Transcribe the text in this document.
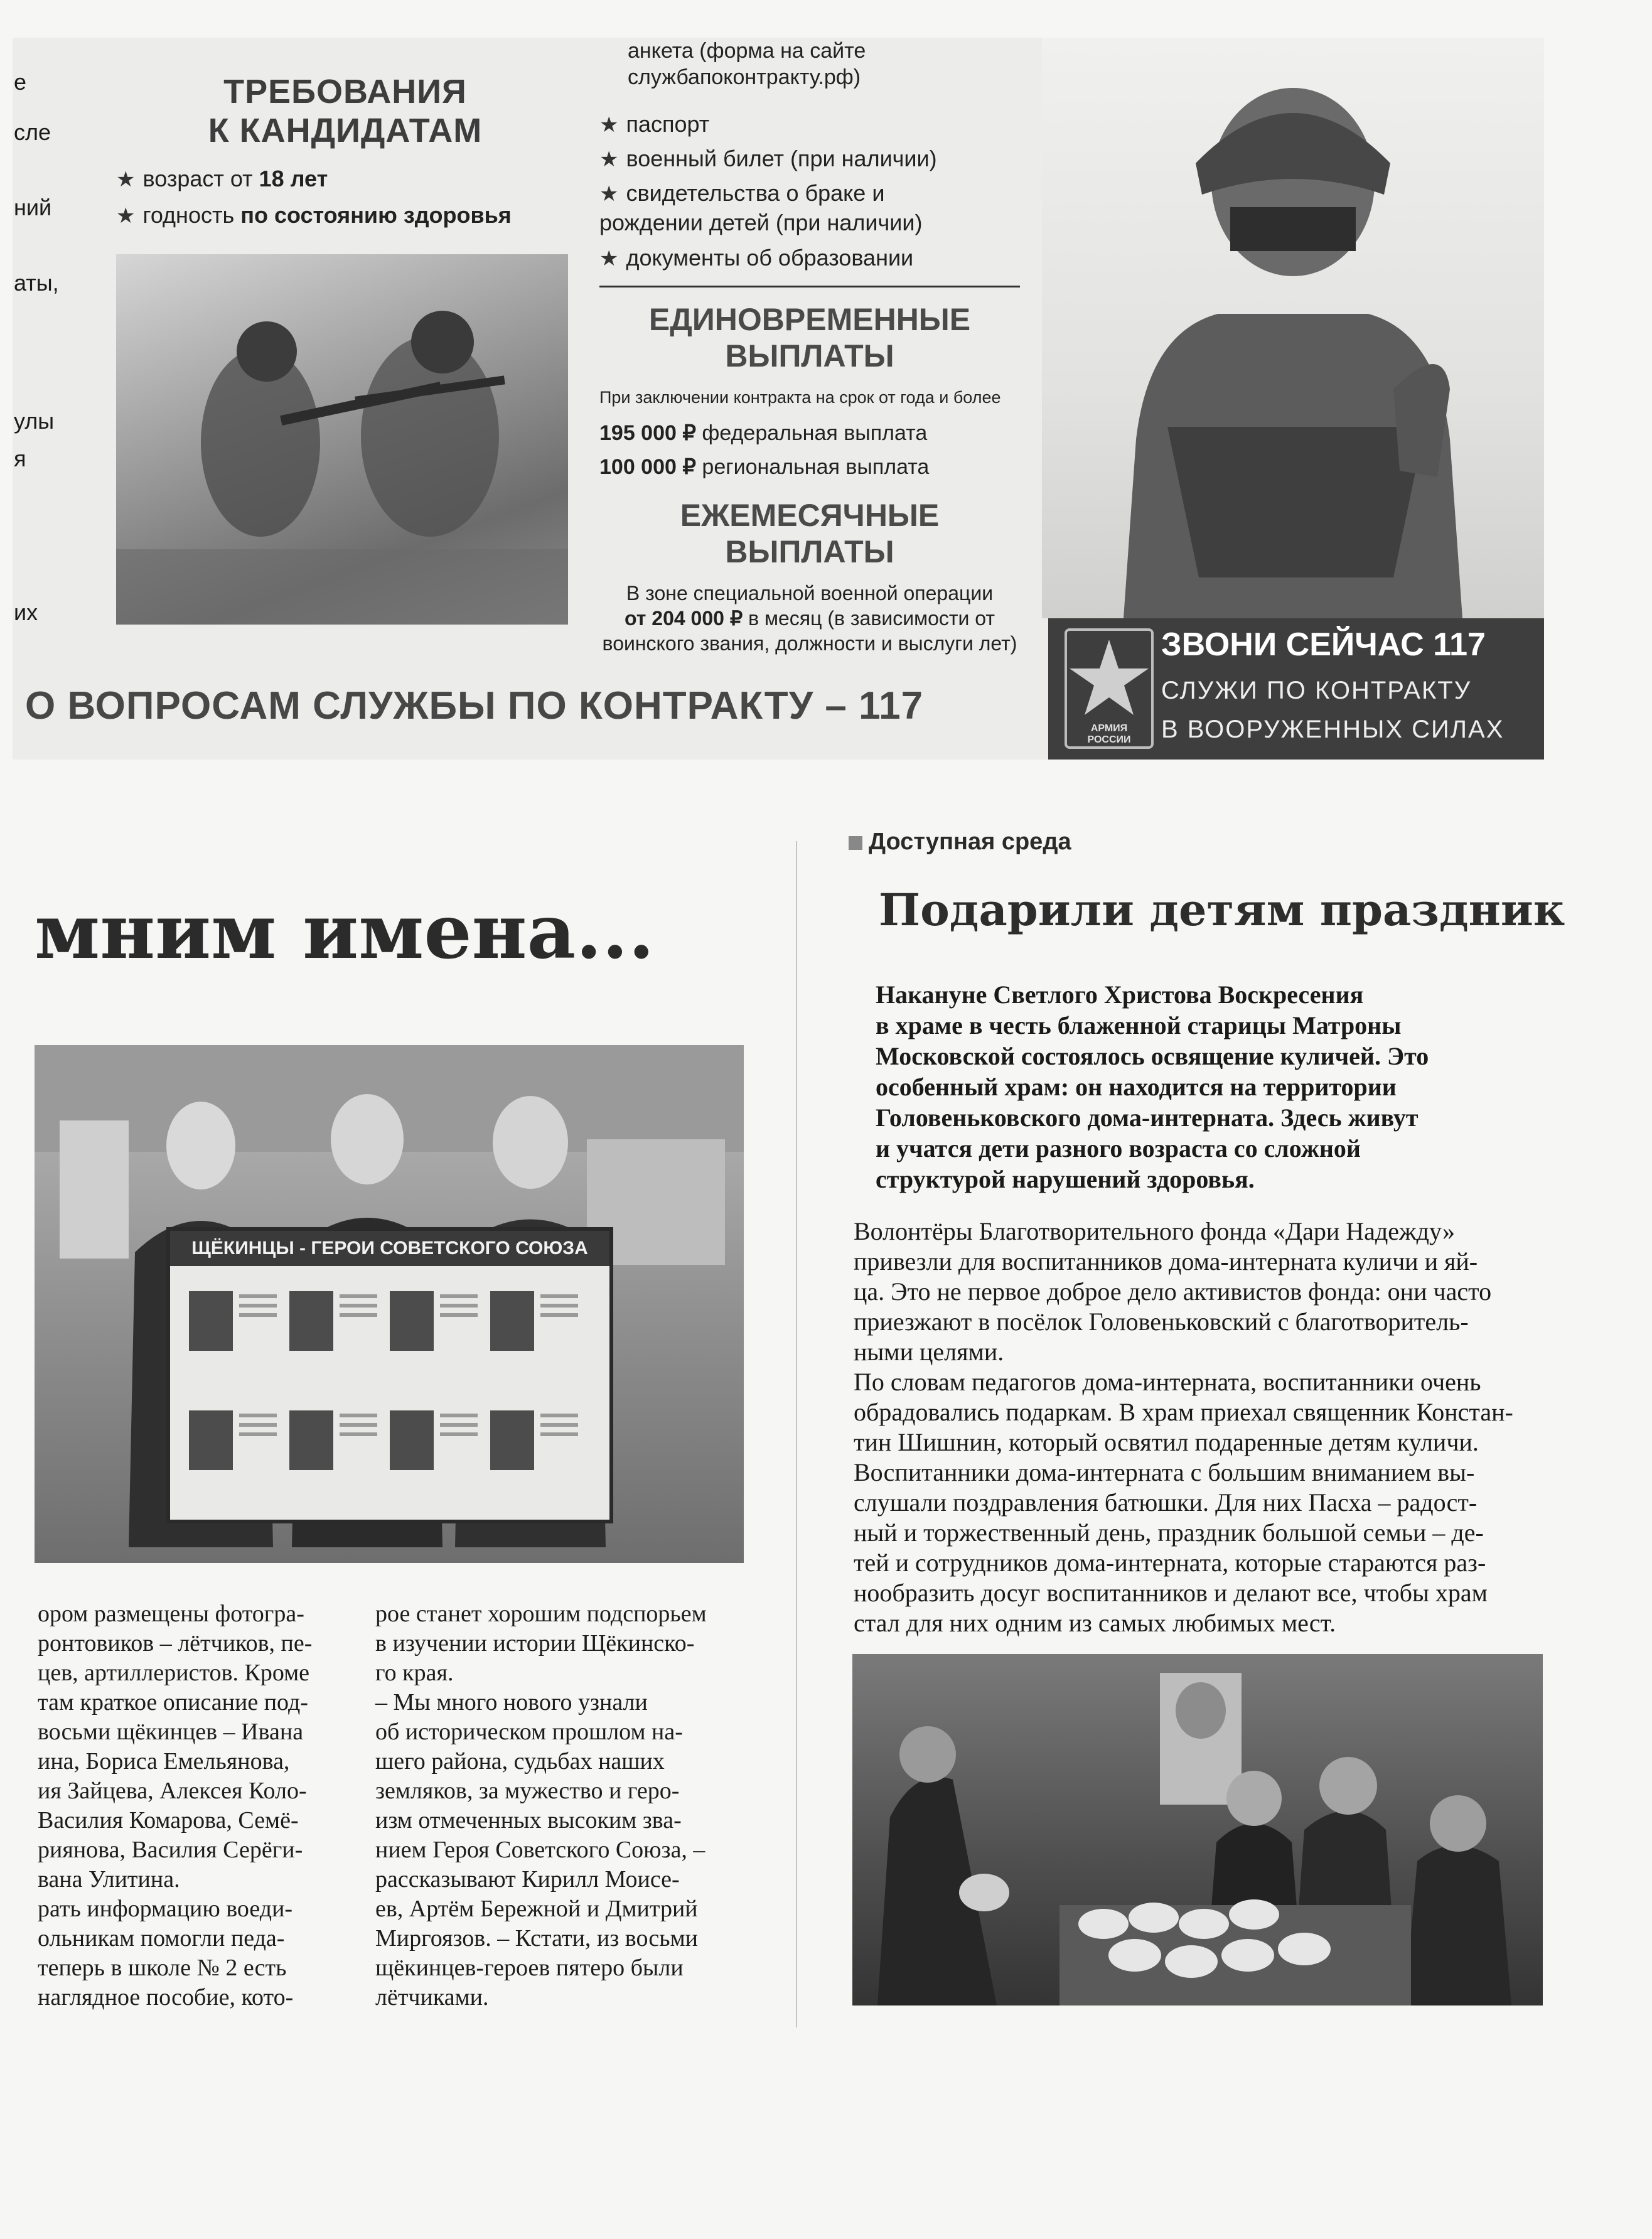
е
сле
ний
аты,
улы
я
их
ТРЕБОВАНИЯ
К КАНДИДАТАМ
★ возраст от 18 лет
★ годность по состоянию здоровья
анкета (форма на сайте
службапоконтракту.рф)
★ паспорт
★ военный билет (при наличии)
★ свидетельства о браке и
рождении детей (при наличии)
★ документы об образовании
ЕДИНОВРЕМЕННЫЕ
ВЫПЛАТЫ
При заключении контракта на срок от года и более
195 000 ₽ федеральная выплата
100 000 ₽ региональная выплата
ЕЖЕМЕСЯЧНЫЕ
ВЫПЛАТЫ
В зоне специальной военной операции
от 204 000 ₽ в месяц (в зависимости от
воинского звания, должности и выслуги лет)
О ВОПРОСАМ СЛУЖБЫ ПО КОНТРАКТУ – 117
АРМИЯ
РОССИИ
ЗВОНИ СЕЙЧАС 117
СЛУЖИ ПО КОНТРАКТУ
В ВООРУЖЕННЫХ СИЛАХ
мним имена...
ЩЁКИНЦЫ - ГЕРОИ СОВЕТСКОГО СОЮЗА
ором размещены фотогра-
ронтовиков – лётчиков, пе-
цев, артиллеристов. Кроме
там краткое описание под-
восьми щёкинцев – Ивана
ина, Бориса Емельянова,
ия Зайцева, Алексея Коло-
Василия Комарова, Семё-
риянова, Василия Серёги-
вана Улитина.
рать информацию воеди-
ольникам помогли педа-
теперь в школе № 2 есть
наглядное пособие, кото-
рое станет хорошим подспорьем
в изучении истории Щёкинско-
го края.
– Мы много нового узнали
об историческом прошлом на-
шего района, судьбах наших
земляков, за мужество и геро-
изм отмеченных высоким зва-
нием Героя Советского Союза, –
рассказывают Кирилл Моисе-
ев, Артём Бережной и Дмитрий
Миргоязов. – Кстати, из восьми
щёкинцев-героев пятеро были
лётчиками.
Доступная среда
Подарили детям праздник
Накануне Светлого Христова Воскресения
в храме в честь блаженной старицы Матроны
Московской состоялось освящение куличей. Это
особенный храм: он находится на территории
Головеньковского дома-интерната. Здесь живут
и учатся дети разного возраста со сложной
структурой нарушений здоровья.
Волонтёры Благотворительного фонда «Дари Надежду»
привезли для воспитанников дома-интерната куличи и яй-
ца. Это не первое доброе дело активистов фонда: они часто
приезжают в посёлок Головеньковский с благотворитель-
ными целями.
По словам педагогов дома-интерната, воспитанники очень
обрадовались подаркам. В храм приехал священник Констан-
тин Шишнин, который освятил подаренные детям куличи.
Воспитанники дома-интерната с большим вниманием вы-
слушали поздравления батюшки. Для них Пасха – радост-
ный и торжественный день, праздник большой семьи – де-
тей и сотрудников дома-интерната, которые стараются раз-
нообразить досуг воспитанников и делают все, чтобы храм
стал для них одним из самых любимых мест.
